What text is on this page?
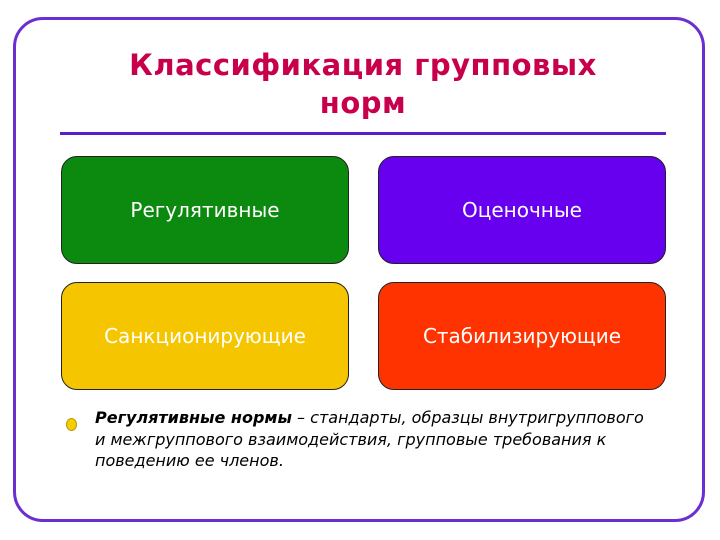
Классификация групповых
норм
Регулятивные	Оценочные
Санкционирующие	Стабилизирующие
Регулятивные нормы – стандарты, образцы внутригруппового и межгруппового взаимодействия, групповые требования к поведению ее членов.
